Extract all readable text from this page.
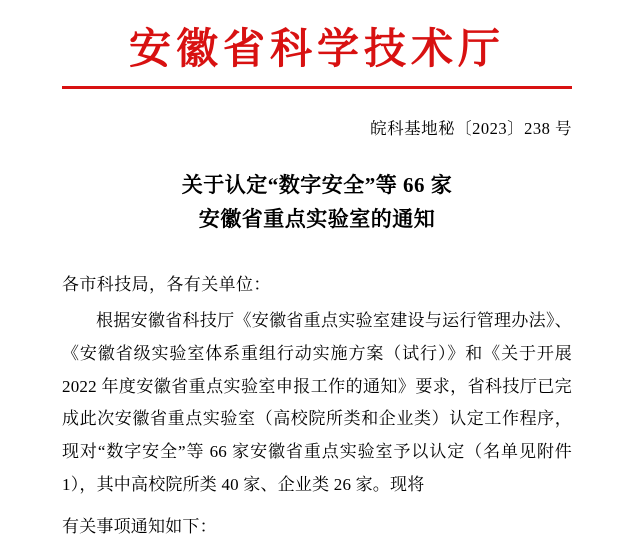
安徽省科学技术厅
皖科基地秘〔2023〕238 号
关于认定“数字安全”等 66 家
安徽省重点实验室的通知
各市科技局，各有关单位：
根据安徽省科技厅《安徽省重点实验室建设与运行管理办法》、《安徽省级实验室体系重组行动实施方案（试行）》和《关于开展 2022 年度安徽省重点实验室申报工作的通知》要求，省科技厅已完成此次安徽省重点实验室（高校院所类和企业类）认定工作程序，现对“数字安全”等 66 家安徽省重点实验室予以认定（名单见附件 1），其中高校院所类 40 家、企业类 26 家。现将
有关事项通知如下：
